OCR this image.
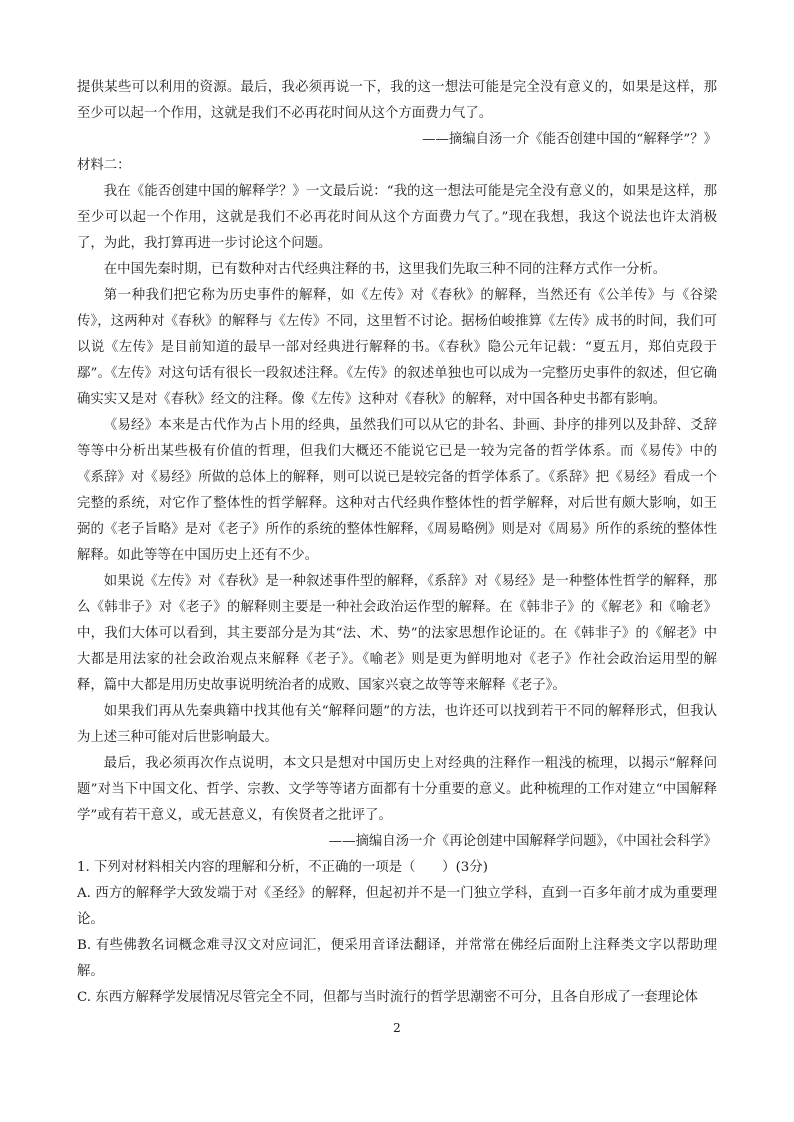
提供某些可以利用的资源。最后，我必须再说一下，我的这一想法可能是完全没有意义的，如果是这样，那至少可以起一个作用，这就是我们不必再花时间从这个方面费力气了。

——摘编自汤一介《能否创建中国的“解释学”？》

材料二：

我在《能否创建中国的解释学？》一文最后说：“我的这一想法可能是完全没有意义的，如果是这样，那至少可以起一个作用，这就是我们不必再花时间从这个方面费力气了。”现在我想，我这个说法也许太消极了，为此，我打算再进一步讨论这个问题。

在中国先秦时期，已有数种对古代经典注释的书，这里我们先取三种不同的注释方式作一分析。

第一种我们把它称为历史事件的解释，如《左传》对《春秋》的解释，当然还有《公羊传》与《谷梁传》，这两种对《春秋》的解释与《左传》不同，这里暂不讨论。据杨伯峻推算《左传》成书的时间，我们可以说《左传》是目前知道的最早一部对经典进行解释的书。《春秋》隐公元年记载：“夏五月，郑伯克段于鄢”。《左传》对这句话有很长一段叙述注释。《左传》的叙述单独也可以成为一完整历史事件的叙述，但它确确实实又是对《春秋》经文的注释。像《左传》这种对《春秋》的解释，对中国各种史书都有影响。

《易经》本来是古代作为占卜用的经典，虽然我们可以从它的卦名、卦画、卦序的排列以及卦辞、爻辞等等中分析出某些极有价值的哲理，但我们大概还不能说它已是一较为完备的哲学体系。而《易传》中的《系辞》对《易经》所做的总体上的解释，则可以说已是较完备的哲学体系了。《系辞》把《易经》看成一个完整的系统，对它作了整体性的哲学解释。这种对古代经典作整体性的哲学解释，对后世有颇大影响，如王弼的《老子旨略》是对《老子》所作的系统的整体性解释，《周易略例》则是对《周易》所作的系统的整体性解释。如此等等在中国历史上还有不少。

如果说《左传》对《春秋》是一种叙述事件型的解释，《系辞》对《易经》是一种整体性哲学的解释，那么《韩非子》对《老子》的解释则主要是一种社会政治运作型的解释。在《韩非子》的《解老》和《喻老》中，我们大体可以看到，其主要部分是为其“法、术、势”的法家思想作论证的。在《韩非子》的《解老》中大都是用法家的社会政治观点来解释《老子》。《喻老》则是更为鲜明地对《老子》作社会政治运用型的解释，篇中大都是用历史故事说明统治者的成败、国家兴衰之故等等来解释《老子》。

如果我们再从先秦典籍中找其他有关“解释问题”的方法，也许还可以找到若干不同的解释形式，但我认为上述三种可能对后世影响最大。

最后，我必须再次作点说明，本文只是想对中国历史上对经典的注释作一粗浅的梳理，以揭示“解释问题”对当下中国文化、哲学、宗教、文学等等诸方面都有十分重要的意义。此种梳理的工作对建立“中国解释学”或有若干意义，或无甚意义，有俟贤者之批评了。

——摘编自汤一介《再论创建中国解释学问题》，《中国社会科学》

1. 下列对材料相关内容的理解和分析，不正确的一项是（　　）(3分)

A. 西方的解释学大致发端于对《圣经》的解释，但起初并不是一门独立学科，直到一百多年前才成为重要理论。

B. 有些佛教名词概念难寻汉文对应词汇，便采用音译法翻译，并常常在佛经后面附上注释类文字以帮助理解。

C. 东西方解释学发展情况尽管完全不同，但都与当时流行的哲学思潮密不可分，且各自形成了一套理论体

2
